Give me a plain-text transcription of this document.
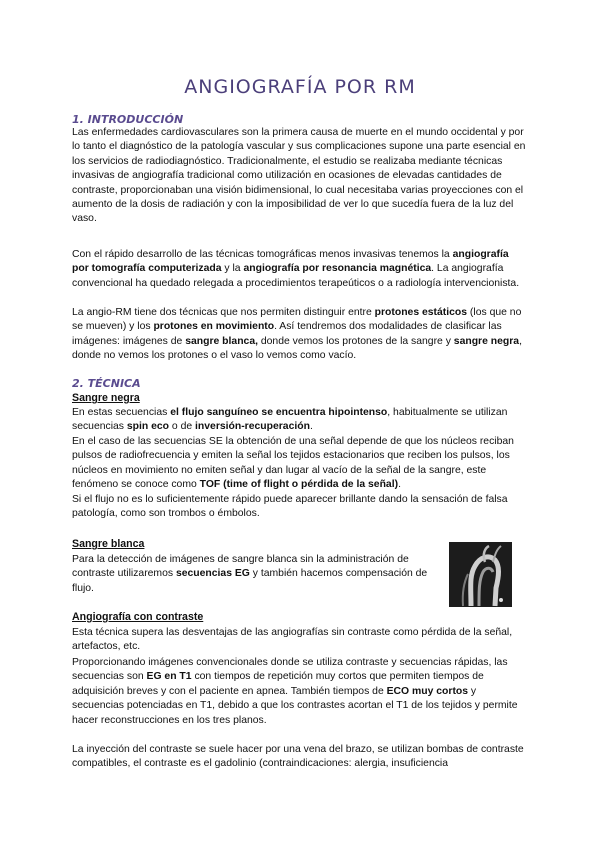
ANGIOGRAFÍA POR RM
1. INTRODUCCIÓN

Las enfermedades cardiovasculares son la primera causa de muerte en el mundo occidental y por lo tanto el diagnóstico de la patología vascular y sus complicaciones supone una parte esencial en los servicios de radiodiagnóstico. Tradicionalmente, el estudio se realizaba mediante técnicas invasivas de angiografía tradicional como utilización en ocasiones de elevadas cantidades de contraste, proporcionaban una visión bidimensional, lo cual necesitaba varias proyecciones con el aumento de la dosis de radiación y con la imposibilidad de ver lo que sucedía fuera de la luz del vaso.

Con el rápido desarrollo de las técnicas tomográficas menos invasivas tenemos la angiografía por tomografía computerizada y la angiografía por resonancia magnética. La angiografía convencional ha quedado relegada a procedimientos terapeúticos o a radiología intervencionista.

La angio-RM tiene dos técnicas que nos permiten distinguir entre protones estáticos (los que no se mueven) y los protones en movimiento. Así tendremos dos modalidades de clasificar las imágenes: imágenes de sangre blanca, donde vemos los protones de la sangre y sangre negra, donde no vemos los protones o el vaso lo vemos como vacío.

2. TÉCNICA

Sangre negra

En estas secuencias el flujo sanguíneo se encuentra hipointenso, habitualmente se utilizan secuencias spin eco o de inversión-recuperación.

En el caso de las secuencias SE la obtención de una señal depende de que los núcleos reciban pulsos de radiofrecuencia y emiten la señal los tejidos estacionarios que reciben los pulsos, los núcleos en movimiento no emiten señal y dan lugar al vacío de la señal de la sangre, este fenómeno se conoce como TOF (time of flight o pérdida de la señal).

Si el flujo no es lo suficientemente rápido puede aparecer brillante dando la sensación de falsa patología, como son trombos o émbolos.

Sangre blanca

Para la detección de imágenes de sangre blanca sin la administración de contraste utilizaremos secuencias EG y también hacemos compensación de flujo.

Angiografía con contraste

Esta técnica supera las desventajas de las angiografías sin contraste como pérdida de la señal, artefactos, etc.

Proporcionando imágenes convencionales donde se utiliza contraste y secuencias rápidas, las secuencias son EG en T1 con tiempos de repetición muy cortos que permiten tiempos de adquisición breves y con el paciente en apnea. También tiempos de ECO muy cortos y secuencias potenciadas en T1, debido a que los contrastes acortan el T1 de los tejidos y permite hacer reconstrucciones en los tres planos.

La inyección del contraste se suele hacer por una vena del brazo, se utilizan bombas de contraste compatibles, el contraste es el gadolinio (contraindicaciones: alergia, insuficiencia
